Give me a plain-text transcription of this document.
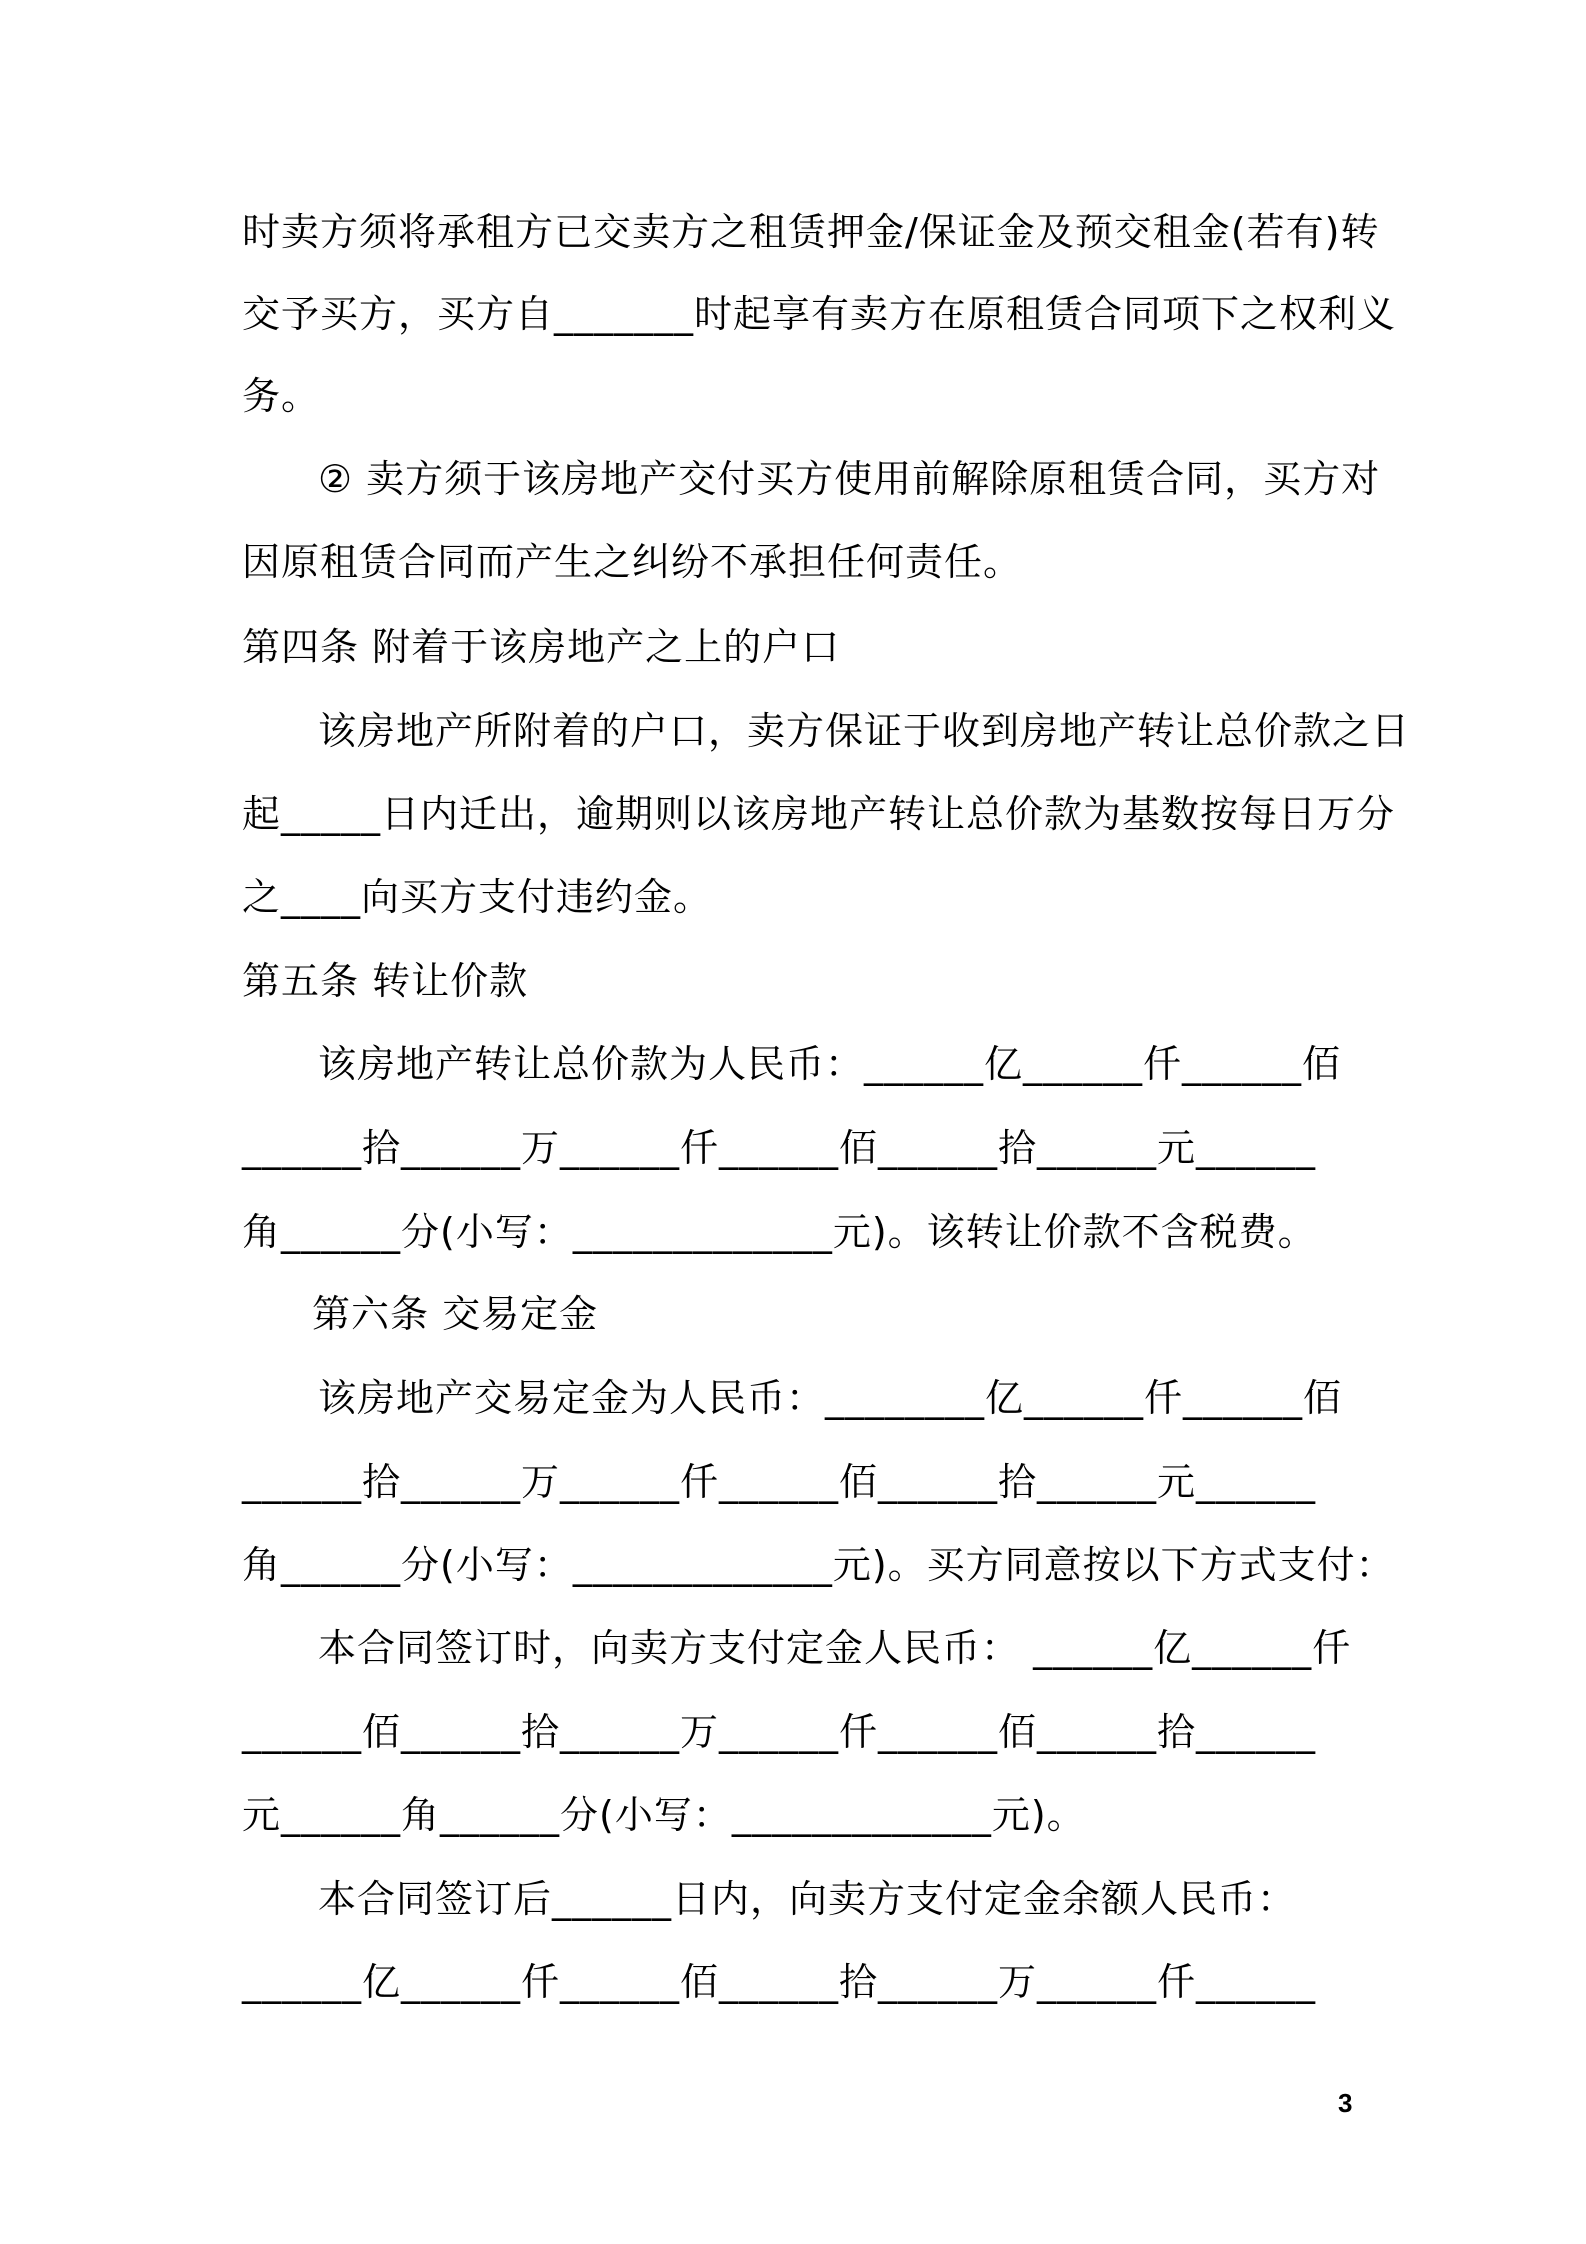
时卖方须将承租方已交卖方之租赁押金/保证金及预交租金(若有)转
交予买方，买方自_______时起享有卖方在原租赁合同项下之权利义
务。
② 卖方须于该房地产交付买方使用前解除原租赁合同，买方对
因原租赁合同而产生之纠纷不承担任何责任。
第四条 附着于该房地产之上的户口
该房地产所附着的户口，卖方保证于收到房地产转让总价款之日
起_____日内迁出，逾期则以该房地产转让总价款为基数按每日万分
之____向买方支付违约金。
第五条 转让价款
该房地产转让总价款为人民币：______亿______仟______佰
______拾______万______仟______佰______拾______元______
角______分(小写：_____________元)。该转让价款不含税费。
第六条 交易定金
该房地产交易定金为人民币：________亿______仟______佰
______拾______万______仟______佰______拾______元______
角______分(小写：_____________元)。买方同意按以下方式支付：
本合同签订时，向卖方支付定金人民币： ______亿______仟
______佰______拾______万______仟______佰______拾______
元______角______分(小写：_____________元)。
本合同签订后______日内，向卖方支付定金余额人民币：
______亿______仟______佰______拾______万______仟______
3
